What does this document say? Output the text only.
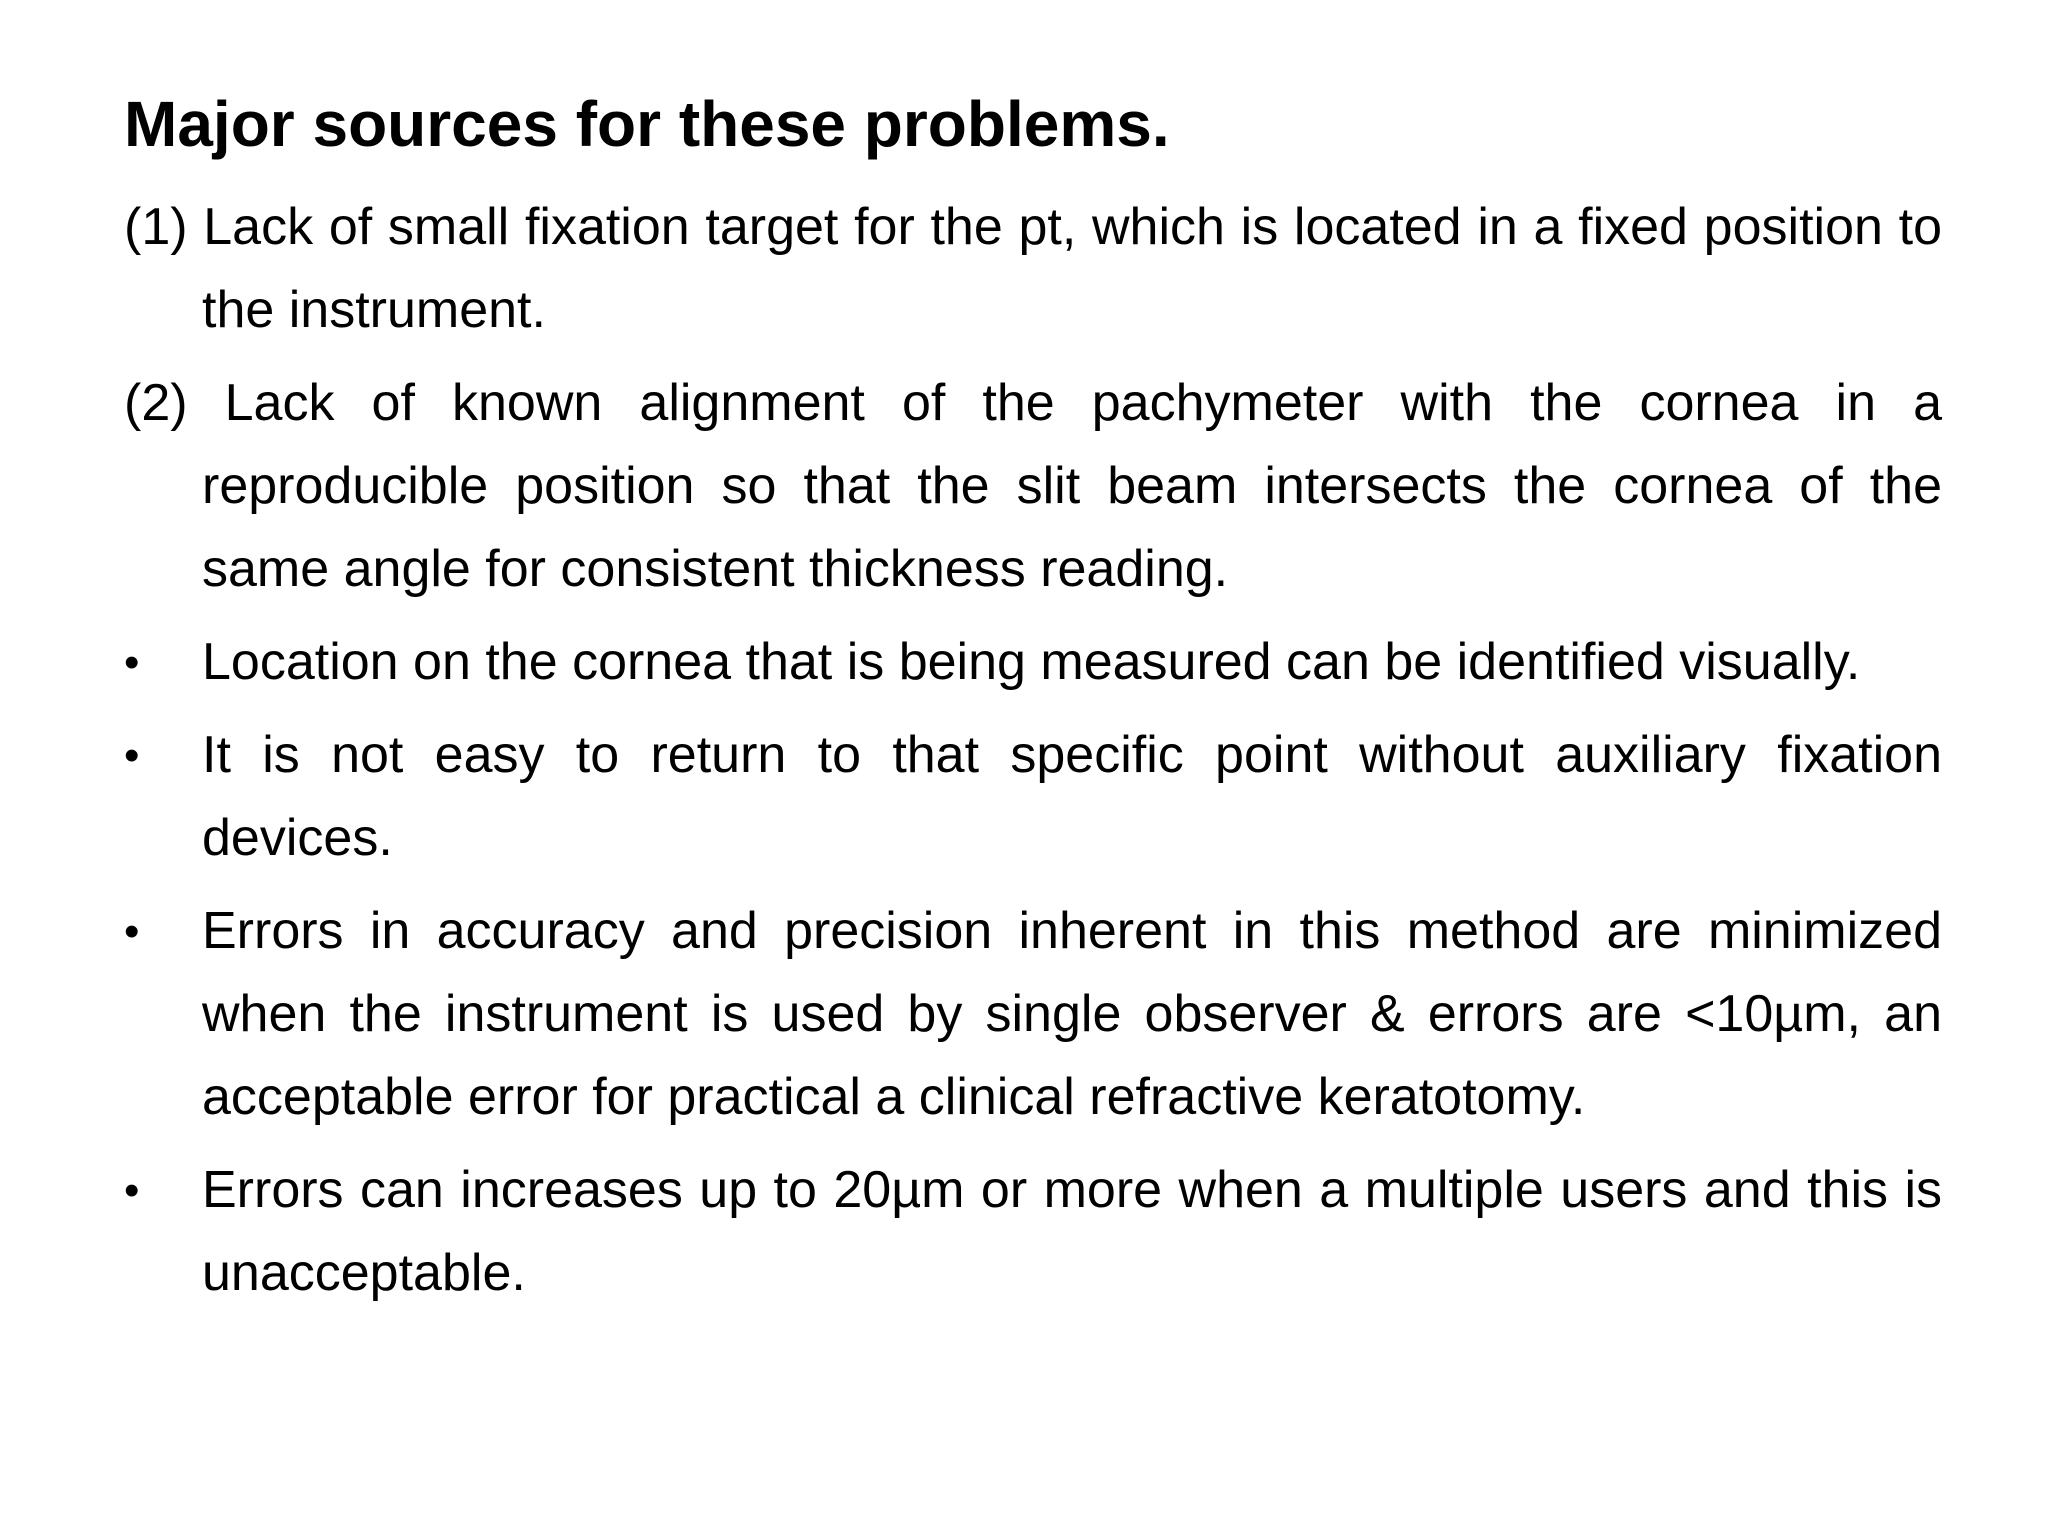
Major sources for these problems.

(1) Lack of small fixation target for the pt, which is located in a fixed position to the instrument.

(2) Lack of known alignment of the pachymeter with the cornea in a reproducible position so that the slit beam intersects the cornea of the same angle for consistent thickness reading.

•	Location on the cornea that is being measured can be identified visually.
•	It is not easy to return to that specific point without auxiliary fixation devices.
•	Errors in accuracy and precision inherent in this method are minimized when the instrument is used by single observer & errors are <10µm, an acceptable error for practical a clinical refractive keratotomy.
•	Errors can increases up to 20µm or more when a multiple users and this is unacceptable.
